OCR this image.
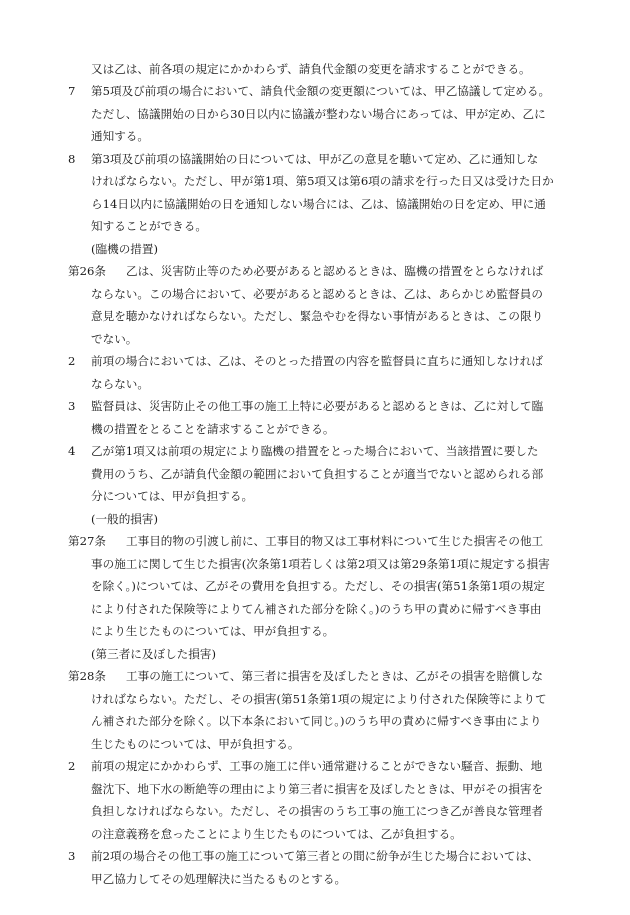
又は乙は、前各項の規定にかかわらず、請負代金額の変更を請求することができる。
7 第5項及び前項の場合において、請負代金額の変更額については、甲乙協議して定める。
ただし、協議開始の日から30日以内に協議が整わない場合にあっては、甲が定め、乙に
通知する。
8 第3項及び前項の協議開始の日については、甲が乙の意見を聴いて定め、乙に通知しな
ければならない。ただし、甲が第1項、第5項又は第6項の請求を行った日又は受けた日か
ら14日以内に協議開始の日を通知しない場合には、乙は、協議開始の日を定め、甲に通
知することができる。
(臨機の措置)
第26条 乙は、災害防止等のため必要があると認めるときは、臨機の措置をとらなければ
ならない。この場合において、必要があると認めるときは、乙は、あらかじめ監督員の
意見を聴かなければならない。ただし、緊急やむを得ない事情があるときは、この限り
でない。
2 前項の場合においては、乙は、そのとった措置の内容を監督員に直ちに通知しなければ
ならない。
3 監督員は、災害防止その他工事の施工上特に必要があると認めるときは、乙に対して臨
機の措置をとることを請求することができる。
4 乙が第1項又は前項の規定により臨機の措置をとった場合において、当該措置に要した
費用のうち、乙が請負代金額の範囲において負担することが適当でないと認められる部
分については、甲が負担する。
(一般的損害)
第27条 工事目的物の引渡し前に、工事目的物又は工事材料について生じた損害その他工
事の施工に関して生じた損害(次条第1項若しくは第2項又は第29条第1項に規定する損害
を除く。)については、乙がその費用を負担する。ただし、その損害(第51条第1項の規定
により付された保険等によりてん補された部分を除く。)のうち甲の責めに帰すべき事由
により生じたものについては、甲が負担する。
(第三者に及ぼした損害)
第28条 工事の施工について、第三者に損害を及ぼしたときは、乙がその損害を賠償しな
ければならない。ただし、その損害(第51条第1項の規定により付された保険等によりて
ん補された部分を除く。以下本条において同じ。)のうち甲の責めに帰すべき事由により
生じたものについては、甲が負担する。
2 前項の規定にかかわらず、工事の施工に伴い通常避けることができない騒音、振動、地
盤沈下、地下水の断絶等の理由により第三者に損害を及ぼしたときは、甲がその損害を
負担しなければならない。ただし、その損害のうち工事の施工につき乙が善良な管理者
の注意義務を怠ったことにより生じたものについては、乙が負担する。
3 前2項の場合その他工事の施工について第三者との間に紛争が生じた場合においては、
甲乙協力してその処理解決に当たるものとする。
